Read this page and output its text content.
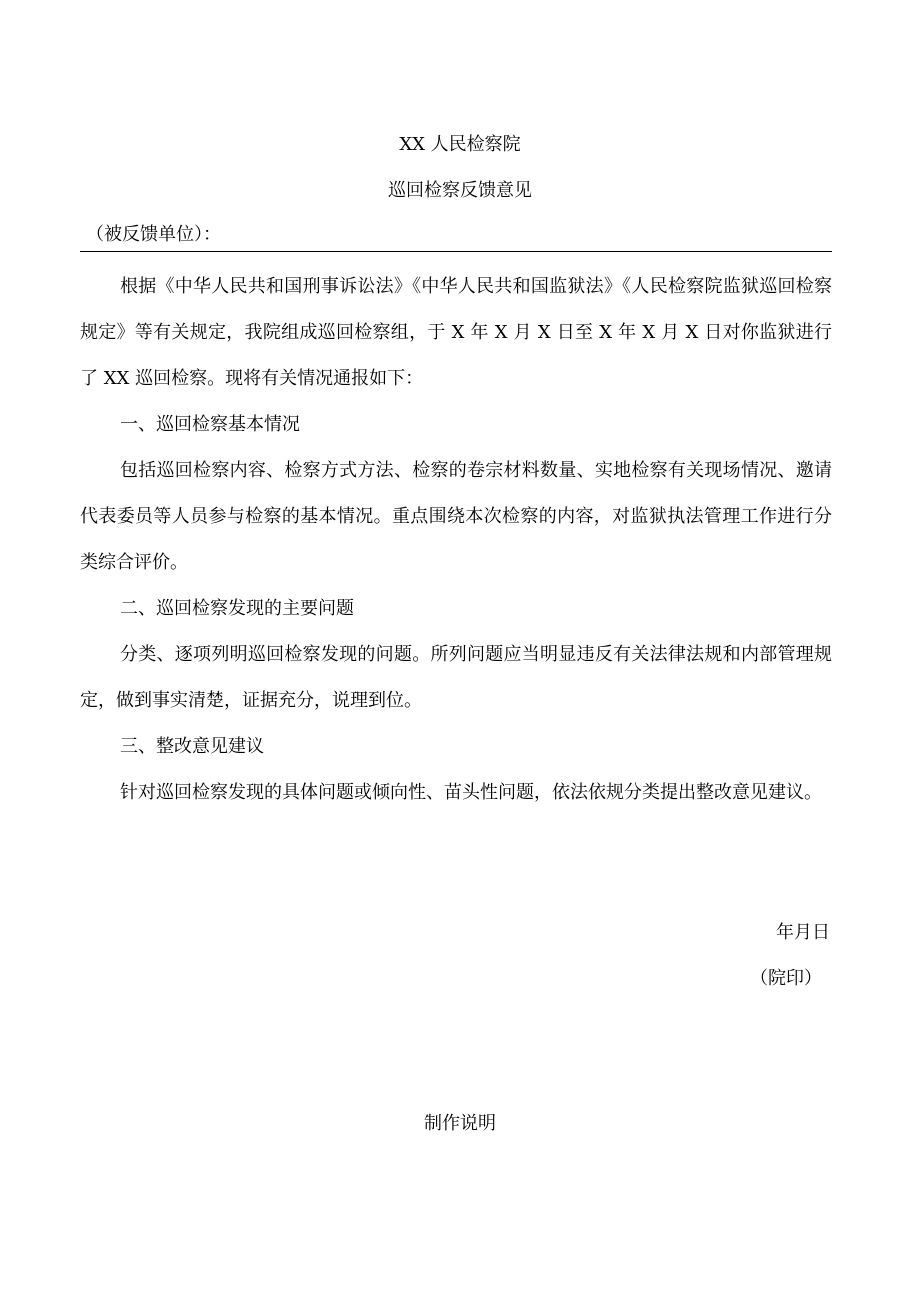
XX 人民检察院

巡回检察反馈意见

（被反馈单位）：

根据《中华人民共和国刑事诉讼法》《中华人民共和国监狱法》《人民检察院监狱巡回检察规定》等有关规定，我院组成巡回检察组，于 X 年 X 月 X 日至 X 年 X 月 X 日对你监狱进行了 XX 巡回检察。现将有关情况通报如下：

一、巡回检察基本情况

包括巡回检察内容、检察方式方法、检察的卷宗材料数量、实地检察有关现场情况、邀请代表委员等人员参与检察的基本情况。重点围绕本次检察的内容，对监狱执法管理工作进行分类综合评价。

二、巡回检察发现的主要问题

分类、逐项列明巡回检察发现的问题。所列问题应当明显违反有关法律法规和内部管理规定，做到事实清楚，证据充分，说理到位。

三、整改意见建议

针对巡回检察发现的具体问题或倾向性、苗头性问题，依法依规分类提出整改意见建议。

年月日
（院印）

制作说明
